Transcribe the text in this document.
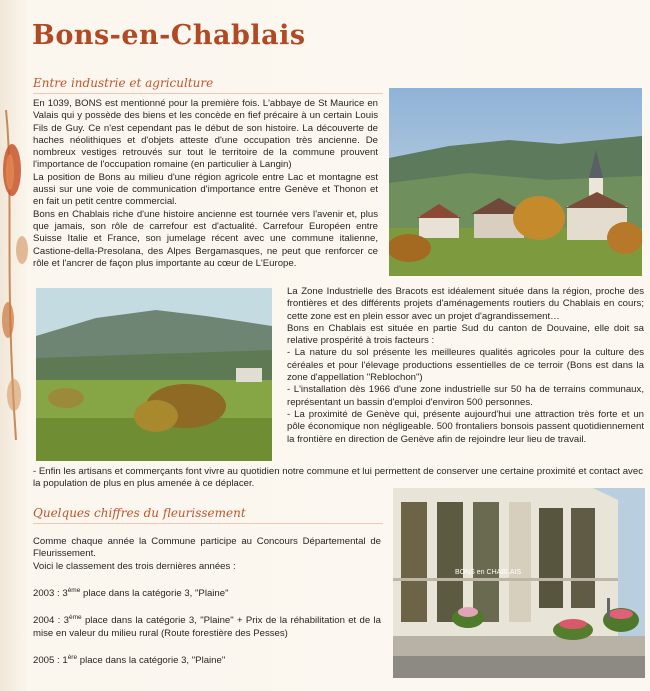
Bons-en-Chablais
Entre industrie et agriculture

En 1039, BONS est mentionné pour la première fois. L'abbaye de St Maurice en Valais qui y possède des biens et les concède en fief précaire à un certain Louis Fils de Guy. Ce n'est cependant pas le début de son histoire. La découverte de haches néolithiques et d'objets atteste d'une occupation très ancienne. De nombreux vestiges retrouvés sur tout le territoire de la commune prouvent l'importance de l'occupation romaine (en particulier à Langin)

La position de Bons au milieu d'une région agricole entre Lac et montagne est aussi sur une voie de communication d'importance entre Genève et Thonon et en fait un petit centre commercial.

Bons en Chablais riche d'une histoire ancienne est tournée vers l'avenir et, plus que jamais, son rôle de carrefour est d'actualité. Carrefour Européen entre Suisse Italie et France, son jumelage récent avec une commune italienne, Castione-della-Presolana, des Alpes Bergamasques, ne peut que renforcer ce rôle et l'ancrer de façon plus importante au cœur de L'Europe.

La Zone Industrielle des Bracots est idéalement située dans la région, proche des frontières et des différents projets d'aménagements routiers du Chablais en cours; cette zone est en plein essor avec un projet d'agrandissement…

Bons en Chablais est située en partie Sud du canton de Douvaine, elle doit sa relative prospérité à trois facteurs :

- La nature du sol présente les meilleures qualités agricoles pour la culture des céréales et pour l'élevage productions essentielles de ce terroir (Bons est dans la zone d'appellation "Reblochon")

- L'installation dès 1966 d'une zone industrielle sur 50 ha de terrains communaux, représentant un bassin d'emploi d'environ 500 personnes.

- La proximité de Genève qui, présente aujourd'hui une attraction très forte et un pôle économique non négligeable. 500 frontaliers bonsois passent quotidiennement la frontière en direction de Genève afin de rejoindre leur lieu de travail.

- Enfin les artisans et commerçants font vivre au quotidien notre commune et lui permettent de conserver une certaine proximité et contact avec la population de plus en plus amenée à ce déplacer.

Quelques chiffres du fleurissement

Comme chaque année la Commune participe au Concours Départemental de Fleurissement.

Voici le classement des trois dernières années :

2003 : 3ème place dans la catégorie 3, "Plaine"

2004 : 3ème place dans la catégorie 3, "Plaine" + Prix de la réhabilitation et de la mise en valeur du milieu rural (Route forestière des Pesses)

2005 : 1ère place dans la catégorie 3, "Plaine"

BONS en CHABLAIS
